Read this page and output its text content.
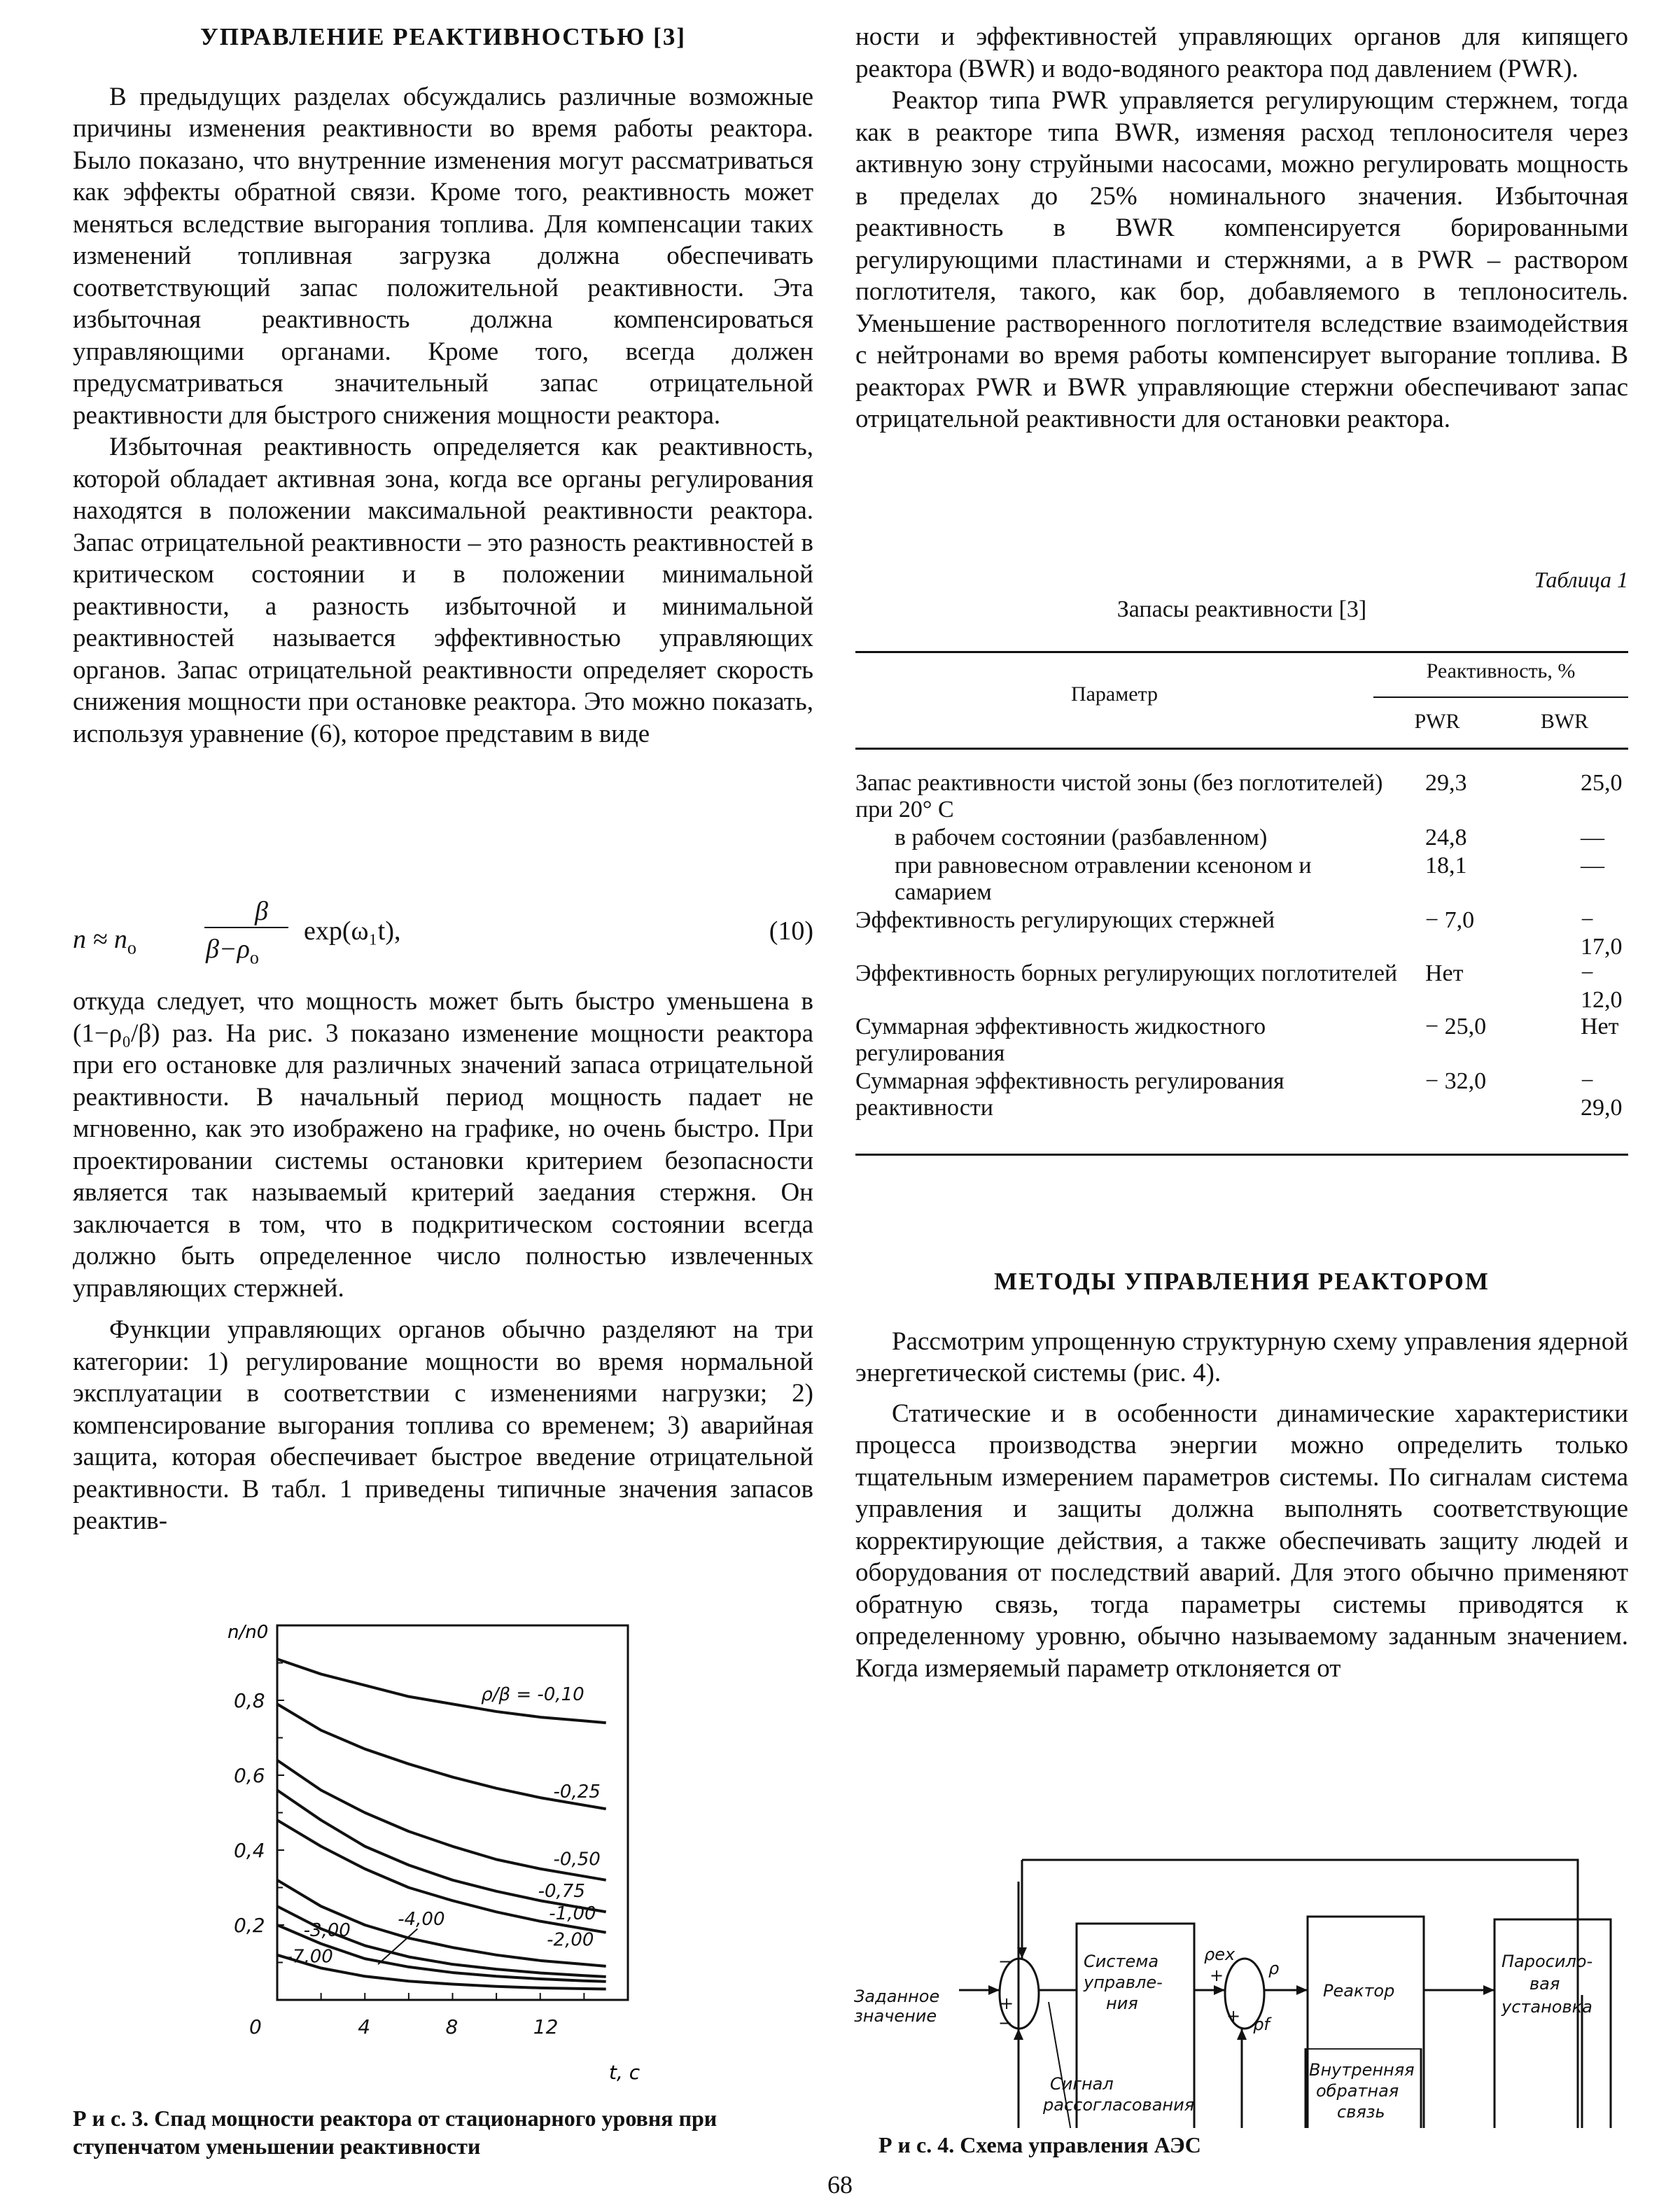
УПРАВЛЕНИЕ РЕАКТИВНОСТЬЮ [3]

В предыдущих разделах обсуждались различные возможные причины изменения реактивности во время работы реактора. Было показано, что внутренние изменения могут рассматриваться как эффекты обратной связи. Кроме того, реактивность может меняться вследствие выгорания топлива. Для компенсации таких изменений топливная загрузка должна обеспечивать соответствующий запас положительной реактивности. Эта избыточная реактивность должна компенсироваться управляющими органами. Кроме того, всегда должен предусматриваться значительный запас отрицательной реактивности для быстрого снижения мощности реактора.

Избыточная реактивность определяется как реактивность, которой обладает активная зона, когда все органы регулирования находятся в положении максимальной реактивности реактора. Запас отрицательной реактивности – это разность реактивностей в критическом состоянии и в положении минимальной реактивности, а разность избыточной и минимальной реактивностей называется эффективностью управляющих органов. Запас отрицательной реактивности определяет скорость снижения мощности при остановке реактора. Это можно показать, используя уравнение (6), которое представим в виде

$n \approx n_o$
β
$\beta-\rho_o$
exp(ω₁t),	(10)

откуда следует, что мощность может быть быстро уменьшена в (1−ρ₀/β) раз. На рис. 3 показано изменение мощности реактора при его остановке для различных значений запаса отрицательной реактивности. В начальный период мощность падает не мгновенно, как это изображено на графике, но очень быстро. При проектировании системы остановки критерием безопасности является так называемый критерий заедания стержня. Он заключается в том, что в подкритическом состоянии всегда должно быть определенное число полностью извлеченных управляющих стержней.

Функции управляющих органов обычно разделяют на три категории: 1) регулирование мощности во время нормальной эксплуатации в соответствии с изменениями нагрузки; 2) компенсирование выгорания топлива со временем; 3) аварийная защита, которая обеспечивает быстрое введение отрицательной реактивности. В табл. 1 приведены типичные значения запасов реактив-

0,2
0,4
0,6
0,8
0	4	8	12
ρ/β = -0,10
-0,25
-0,50
-0,75
-1,00
-2,00
-3,00
-4,00
-7,00
n/n0
t, c
Р и с. 3. Спад мощности реактора от стационарного уровня при ступенчатом уменьшении реактивности

ности и эффективностей управляющих органов для кипящего реактора (BWR) и водо-водяного реактора под давлением (PWR).

Реактор типа PWR управляется регулирующим стержнем, тогда как в реакторе типа BWR, изменяя расход теплоносителя через активную зону струйными насосами, можно регулировать мощность в пределах до 25% номинального значения. Избыточная реактивность в BWR компенсируется борированными регулирующими пластинами и стержнями, а в PWR – раствором поглотителя, такого, как бор, добавляемого в теплоноситель. Уменьшение растворенного поглотителя вследствие взаимодействия с нейтронами во время работы компенсирует выгорание топлива. В реакторах PWR и BWR управляющие стержни обеспечивают запас отрицательной реактивности для остановки реактора.

Таблица 1
Запасы реактивности [3]
Параметр
Реактивность, %
PWR	BWR
Запас реактивности чистой зоны (без поглотителей) при 20° С	29,3	25,0
в рабочем состоянии (разбавленном)	24,8	—
при равновесном отравлении ксеноном и самарием	18,1	—
Эффективность регулирующих стержней	− 7,0	− 17,0
Эффективность борных регулирующих поглотителей	Нет	− 12,0
Суммарная эффективность жидкостного регулирования	− 25,0	Нет
Суммарная эффективность регулирования реактивности	− 32,0	− 29,0
МЕТОДЫ УПРАВЛЕНИЯ РЕАКТОРОМ

Рассмотрим упрощенную структурную схему управления ядерной энергетической системы (рис. 4).

Статические и в особенности динамические характеристики процесса производства энергии можно определить только тщательным измерением параметров системы. По сигналам система управления и защиты должна выполнять соответствующие корректирующие действия, а также обеспечивать защиту людей и оборудования от последствий аварий. Для этого обычно применяют обратную связь, тогда параметры системы приводятся к определенному уровню, обычно называемому заданным значением. Когда измеряемый параметр отклоняется от

Заданное
значение
+
−
−
+
+
ρex
ρ
ρf
Система
управле-
ния
Реактор
Паросило-
вая
установка
Внутренняя
обратная
связь
Сигнал
рассогласования
Р и с. 4. Схема управления АЭС
68
